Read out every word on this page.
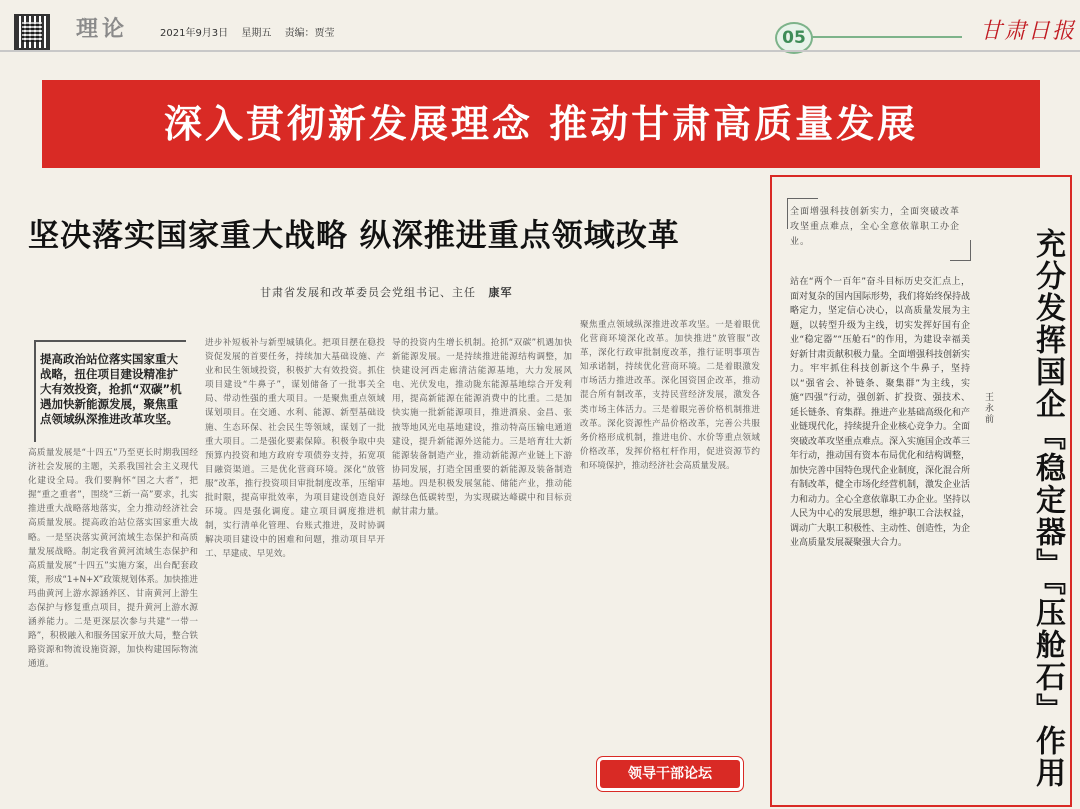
理论	2021年9月3日 星期五 责编：贾莹	05	甘肃日报
深入贯彻新发展理念 推动甘肃高质量发展
坚决落实国家重大战略 纵深推进重点领域改革
甘肃省发展和改革委员会党组书记、主任 康军
提高政治站位落实国家重大战略，扭住项目建设精准扩大有效投资，抢抓“双碳”机遇加快新能源发展，聚焦重点领域纵深推进改革攻坚。
高质量发展是“十四五”乃至更长时期我国经济社会发展的主题，关系我国社会主义现代化建设全局。我们要胸怀“国之大者”，把握“重之重者”，围绕“三新一高”要求，扎实推进重大战略落地落实，全力推动经济社会高质量发展。提高政治站位落实国家重大战略。一是坚决落实黄河流域生态保护和高质量发展战略。制定我省黄河流域生态保护和高质量发展“十四五”实施方案，出台配套政策，形成“1+N+X”政策规划体系。加快推进玛曲黄河上游水源涵养区、甘南黄河上游生态保护与修复重点项目，提升黄河上游水源涵养能力。二是更深层次参与共建“一带一路”，积极融入和服务国家开放大局，整合铁路资源和物流设施资源，加快构建国际物流通道。
进步补短板补与新型城镇化。把项目摆在稳投资促发展的首要任务，持续加大基础设施、产业和民生领域投资，积极扩大有效投资。抓住项目建设“牛鼻子”，谋划储备了一批事关全局、带动性强的重大项目。一是聚焦重点领域谋划项目。在交通、水利、能源、新型基础设施、生态环保、社会民生等领域，谋划了一批重大项目。二是强化要素保障。积极争取中央预算内投资和地方政府专项债券支持，拓宽项目融资渠道。三是优化营商环境。深化“放管服”改革，推行投资项目审批制度改革，压缩审批时限，提高审批效率，为项目建设创造良好环境。四是强化调度。建立项目调度推进机制，实行清单化管理、台账式推进，及时协调解决项目建设中的困难和问题，推动项目早开工、早建成、早见效。
导的投资内生增长机制。抢抓“双碳”机遇加快新能源发展。一是持续推进能源结构调整，加快建设河西走廊清洁能源基地，大力发展风电、光伏发电，推动陇东能源基地综合开发利用，提高新能源在能源消费中的比重。二是加快实施一批新能源项目，推进酒泉、金昌、张掖等地风光电基地建设，推动特高压输电通道建设，提升新能源外送能力。三是培育壮大新能源装备制造产业，推动新能源产业链上下游协同发展，打造全国重要的新能源及装备制造基地。四是积极发展氢能、储能产业，推动能源绿色低碳转型，为实现碳达峰碳中和目标贡献甘肃力量。
聚焦重点领域纵深推进改革攻坚。一是着眼优化营商环境深化改革。加快推进“放管服”改革，深化行政审批制度改革，推行证明事项告知承诺制，持续优化营商环境。二是着眼激发市场活力推进改革。深化国资国企改革，推动混合所有制改革，支持民营经济发展，激发各类市场主体活力。三是着眼完善价格机制推进改革。深化资源性产品价格改革，完善公共服务价格形成机制，推进电价、水价等重点领域价格改革，发挥价格杠杆作用，促进资源节约和环境保护，推动经济社会高质量发展。
领导干部论坛
全面增强科技创新实力，全面突破改革攻坚重点难点，全心全意依靠职工办企业。	充分发挥国企『稳定器』『压舱石』作用
王永前
站在“两个一百年”奋斗目标历史交汇点上，面对复杂的国内国际形势，我们将始终保持战略定力，坚定信心决心，以高质量发展为主题，以转型升级为主线，切实发挥好国有企业“稳定器”“压舱石”的作用，为建设幸福美好新甘肃贡献积极力量。全面增强科技创新实力。牢牢抓住科技创新这个牛鼻子，坚持以“强省会、补链条、聚集群”为主线，实施“四强”行动，强创新、扩投资、强技术、延长链条、育集群。推进产业基础高级化和产业链现代化，持续提升企业核心竞争力。全面突破改革攻坚重点难点。深入实施国企改革三年行动，推动国有资本布局优化和结构调整，加快完善中国特色现代企业制度，深化混合所有制改革，健全市场化经营机制，激发企业活力和动力。全心全意依靠职工办企业。坚持以人民为中心的发展思想，维护职工合法权益，调动广大职工积极性、主动性、创造性，为企业高质量发展凝聚强大合力。
